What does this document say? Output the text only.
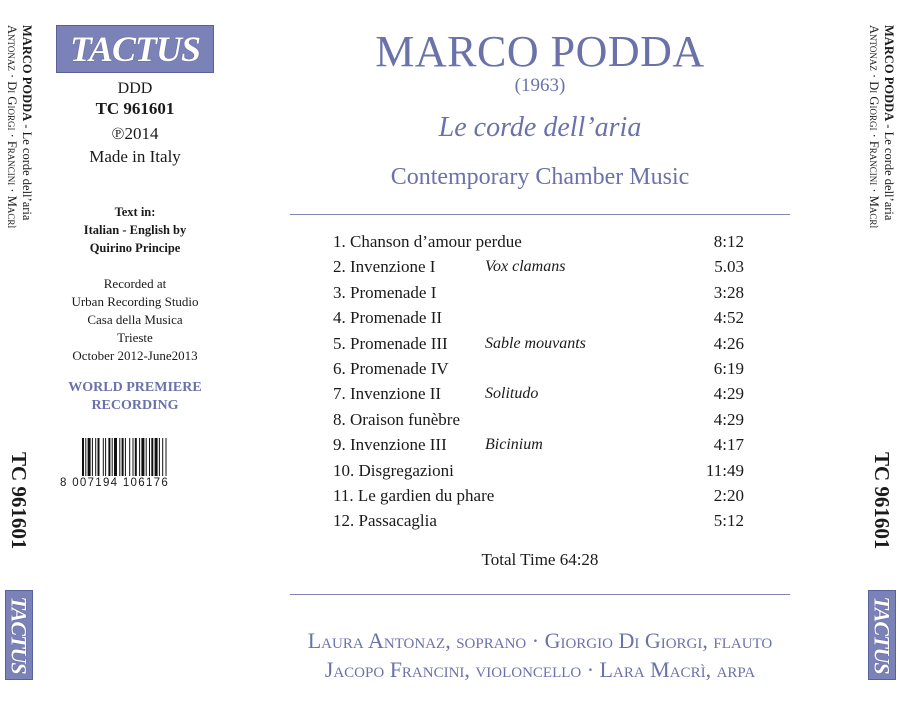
MARCO PODDA - Le corde dell’aria
Antonaz · Di Giorgi · Francini · Macrì	MARCO PODDA - Le corde dell’aria
Antonaz · Di Giorgi · Francini · Macrì
TC 961601	TC 961601
TACTUS
TACTUS	TACTUS
DDD
TC 961601
℗2014
Made in Italy
Text in:
Italian - English by
Quirino Principe
Recorded at
Urban Recording Studio
Casa della Musica
Trieste
October 2012-June2013
WORLD PREMIERE
RECORDING
8 007194 106176
MARCO PODDA
(1963)
Le corde dell’aria
Contemporary Chamber Music
1. Chanson d’amour perdue	8:12
2. Invenzione I	Vox clamans	5.03
3. Promenade I	3:28
4. Promenade II	4:52
5. Promenade III Sable mouvants	4:26
6. Promenade IV	6:19
7. Invenzione II	Solitudo	4:29
8. Oraison funèbre	4:29
9. Invenzione III Bicinium	4:17
10. Disgregazioni	11:49
11. Le gardien du phare	2:20
12. Passacaglia	5:12
Total Time 64:28
Laura Antonaz, soprano · Giorgio Di Giorgi, flauto
Jacopo Francini, violoncello · Lara Macrì, arpa
